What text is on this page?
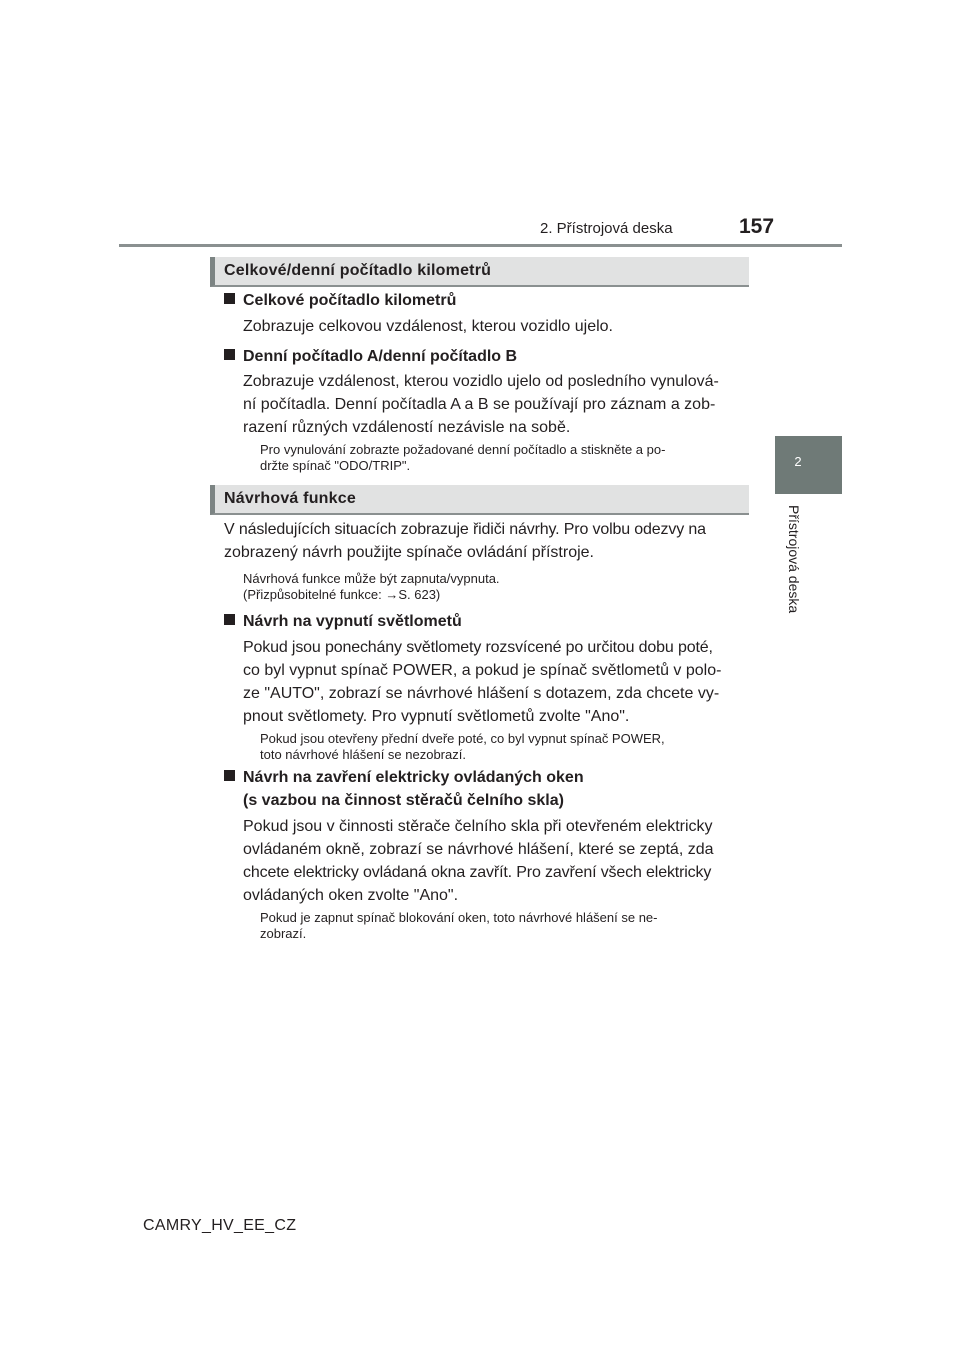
2. Přístrojová deska	157
2
Přístrojová deska
Celkové/denní počítadlo kilometrů
Celkové počítadlo kilometrů
Zobrazuje celkovou vzdálenost, kterou vozidlo ujelo.
Denní počítadlo A/denní počítadlo B
Zobrazuje vzdálenost, kterou vozidlo ujelo od posledního vynulová-
ní počítadla. Denní počítadla A a B se používají pro záznam a zob-
razení různých vzdáleností nezávisle na sobě.
Pro vynulování zobrazte požadované denní počítadlo a stiskněte a po-
držte spínač "ODO/TRIP".
Návrhová funkce
V následujících situacích zobrazuje řidiči návrhy. Pro volbu odezvy na
zobrazený návrh použijte spínače ovládání přístroje.
Návrhová funkce může být zapnuta/vypnuta.
(Přizpůsobitelné funkce: →S. 623)
Návrh na vypnutí světlometů
Pokud jsou ponechány světlomety rozsvícené po určitou dobu poté,
co byl vypnut spínač POWER, a pokud je spínač světlometů v polo-
ze "AUTO", zobrazí se návrhové hlášení s dotazem, zda chcete vy-
pnout světlomety. Pro vypnutí světlometů zvolte "Ano".
Pokud jsou otevřeny přední dveře poté, co byl vypnut spínač POWER,
toto návrhové hlášení se nezobrazí.
Návrh na zavření elektricky ovládaných oken
(s vazbou na činnost stěračů čelního skla)
Pokud jsou v činnosti stěrače čelního skla při otevřeném elektricky
ovládaném okně, zobrazí se návrhové hlášení, které se zeptá, zda
chcete elektricky ovládaná okna zavřít. Pro zavření všech elektricky
ovládaných oken zvolte "Ano".
Pokud je zapnut spínač blokování oken, toto návrhové hlášení se ne-
zobrazí.
CAMRY_HV_EE_CZ
